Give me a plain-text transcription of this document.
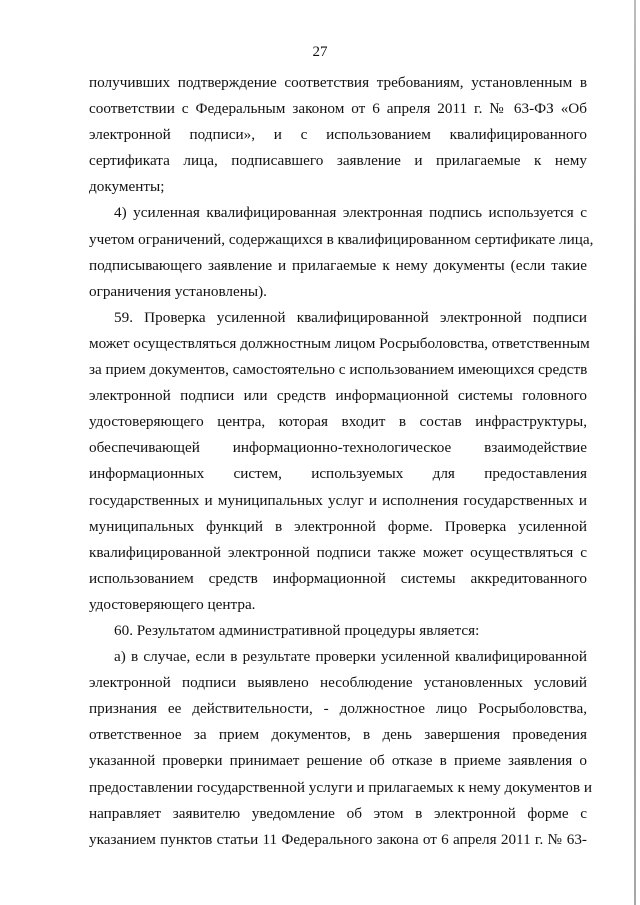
27
получивших подтверждение соответствия требованиям, установленным в
соответствии с Федеральным законом от 6 апреля 2011 г. № 63-ФЗ «Об
электронной подписи», и с использованием квалифицированного
сертификата лица, подписавшего заявление и прилагаемые к нему
документы;
4) усиленная квалифицированная электронная подпись используется с
учетом ограничений, содержащихся в квалифицированном сертификате лица,
подписывающего заявление и прилагаемые к нему документы (если такие
ограничения установлены).
59. Проверка усиленной квалифицированной электронной подписи
может осуществляться должностным лицом Росрыболовства, ответственным
за прием документов, самостоятельно с использованием имеющихся средств
электронной подписи или средств информационной системы головного
удостоверяющего центра, которая входит в состав инфраструктуры,
обеспечивающей информационно-технологическое взаимодействие
информационных систем, используемых для предоставления
государственных и муниципальных услуг и исполнения государственных и
муниципальных функций в электронной форме. Проверка усиленной
квалифицированной электронной подписи также может осуществляться с
использованием средств информационной системы аккредитованного
удостоверяющего центра.
60. Результатом административной процедуры является:
а) в случае, если в результате проверки усиленной квалифицированной
электронной подписи выявлено несоблюдение установленных условий
признания ее действительности, - должностное лицо Росрыболовства,
ответственное за прием документов, в день завершения проведения
указанной проверки принимает решение об отказе в приеме заявления о
предоставлении государственной услуги и прилагаемых к нему документов и
направляет заявителю уведомление об этом в электронной форме с
указанием пунктов статьи 11 Федерального закона от 6 апреля 2011 г. № 63-
